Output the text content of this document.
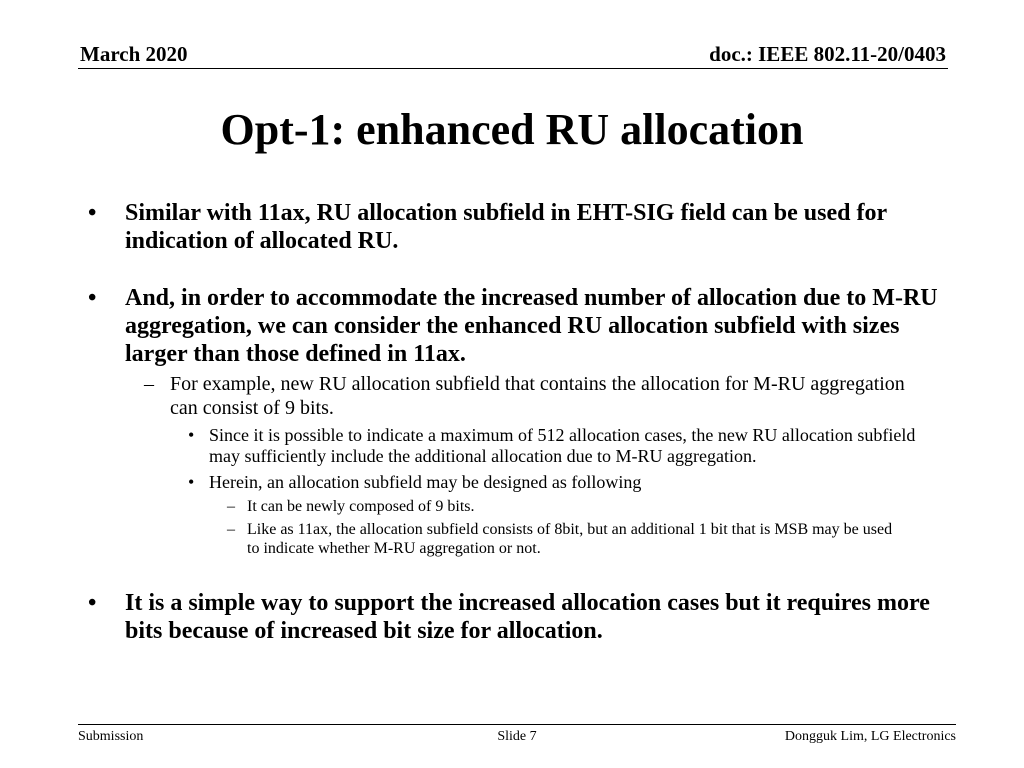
March 2020	doc.: IEEE 802.11-20/0403
Opt-1: enhanced RU allocation
• Similar with 11ax, RU allocation subfield in EHT-SIG field can be used for indication of allocated RU.
• And, in order to accommodate the increased number of allocation due to M-RU aggregation, we can consider the enhanced RU allocation subfield with sizes larger than those defined in 11ax.
– For example, new RU allocation subfield that contains the allocation for M-RU aggregation can consist of 9 bits.
• Since it is possible to indicate a maximum of 512 allocation cases, the new RU allocation subfield may sufficiently include the additional allocation due to M-RU aggregation.
• Herein, an allocation subfield may be designed as following
– It can be newly composed of 9 bits.
– Like as 11ax, the allocation subfield consists of 8bit, but an additional 1 bit that is MSB may be used to indicate whether M-RU aggregation or not.
• It is a simple way to support the increased allocation cases but it requires more bits because of increased bit size for allocation.
Submission	Slide 7	Dongguk Lim, LG Electronics
